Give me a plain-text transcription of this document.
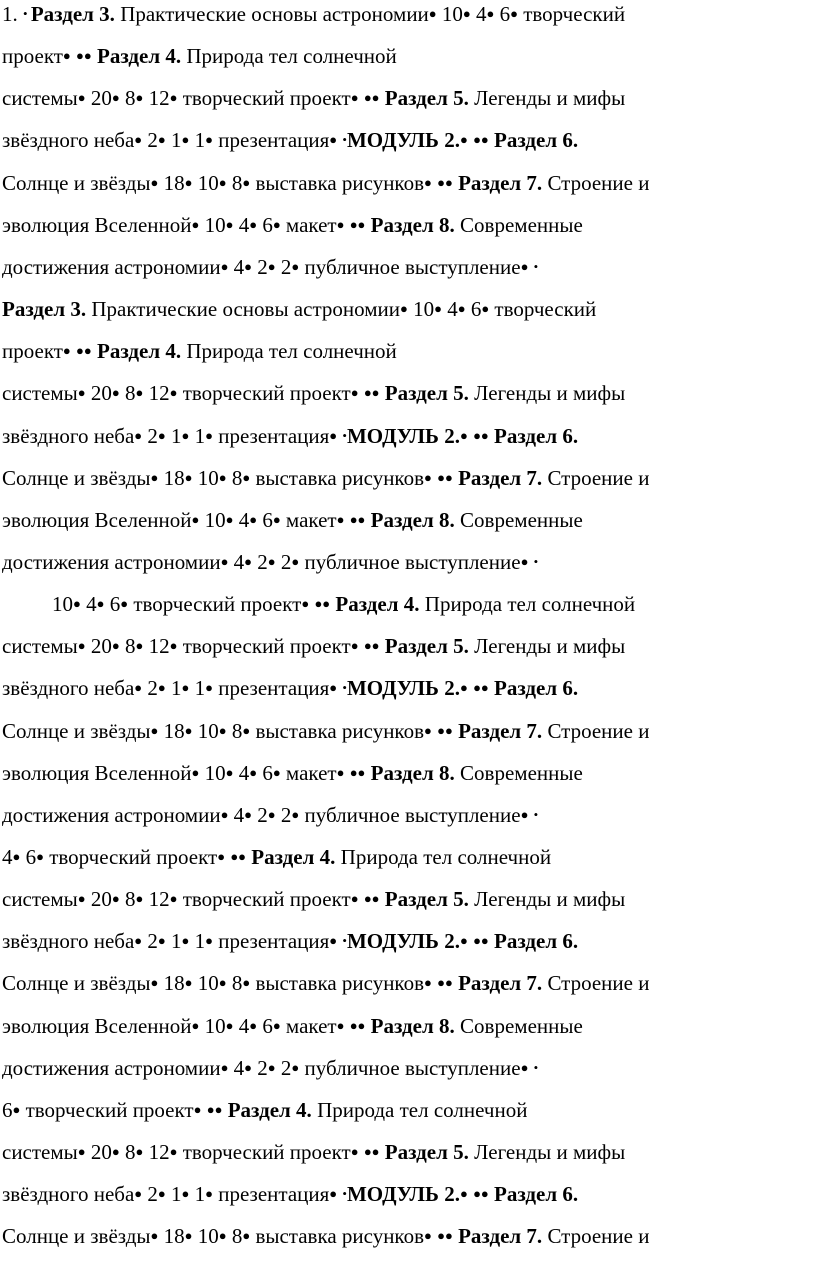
1. • Раздел 3. Практические основы астрономии● 10● 4● 6● творческий
проект● ●● Раздел 4. Природа тел солнечной
системы● 20● 8● 12● творческий проект● ●● Раздел 5. Легенды и мифы
звёздного неба● 2● 1● 1● презентация● •МОДУЛЬ 2.● ●● Раздел 6.
Солнце и звёзды● 18● 10● 8● выставка рисунков● ●● Раздел 7. Строение и
эволюция Вселенной● 10● 4● 6● макет● ●● Раздел 8. Современные
достижения астрономии● 4● 2● 2● публичное выступление● •
Раздел 3. Практические основы астрономии● 10● 4● 6● творческий
проект● ●● Раздел 4. Природа тел солнечной
системы● 20● 8● 12● творческий проект● ●● Раздел 5. Легенды и мифы
звёздного неба● 2● 1● 1● презентация● •МОДУЛЬ 2.● ●● Раздел 6.
Солнце и звёзды● 18● 10● 8● выставка рисунков● ●● Раздел 7. Строение и
эволюция Вселенной● 10● 4● 6● макет● ●● Раздел 8. Современные
достижения астрономии● 4● 2● 2● публичное выступление● •
10● 4● 6● творческий проект● ●● Раздел 4. Природа тел солнечной
системы● 20● 8● 12● творческий проект● ●● Раздел 5. Легенды и мифы
звёздного неба● 2● 1● 1● презентация● •МОДУЛЬ 2.● ●● Раздел 6.
Солнце и звёзды● 18● 10● 8● выставка рисунков● ●● Раздел 7. Строение и
эволюция Вселенной● 10● 4● 6● макет● ●● Раздел 8. Современные
достижения астрономии● 4● 2● 2● публичное выступление● •
4● 6● творческий проект● ●● Раздел 4. Природа тел солнечной
системы● 20● 8● 12● творческий проект● ●● Раздел 5. Легенды и мифы
звёздного неба● 2● 1● 1● презентация● •МОДУЛЬ 2.● ●● Раздел 6.
Солнце и звёзды● 18● 10● 8● выставка рисунков● ●● Раздел 7. Строение и
эволюция Вселенной● 10● 4● 6● макет● ●● Раздел 8. Современные
достижения астрономии● 4● 2● 2● публичное выступление● •
6● творческий проект● ●● Раздел 4. Природа тел солнечной
системы● 20● 8● 12● творческий проект● ●● Раздел 5. Легенды и мифы
звёздного неба● 2● 1● 1● презентация● •МОДУЛЬ 2.● ●● Раздел 6.
Солнце и звёзды● 18● 10● 8● выставка рисунков● ●● Раздел 7. Строение и
